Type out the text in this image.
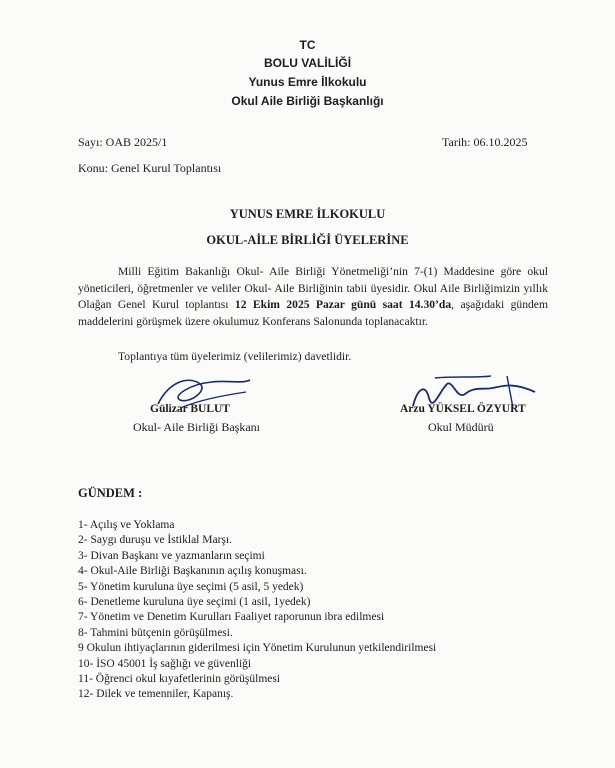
TC
BOLU VALİLİĞİ
Yunus Emre İlkokulu
Okul Aile Birliği Başkanlığı
Sayı: OAB 2025/1	Tarih: 06.10.2025
Konu: Genel Kurul Toplantısı
YUNUS EMRE İLKOKULU
OKUL-AİLE BİRLİĞİ ÜYELERİNE
Milli Eğitim Bakanlığı Okul- Aile Birliği Yönetmeliği’nin 7-(1) Maddesine göre okul yöneticileri, öğretmenler ve veliler Okul- Aile Birliğinin tabii üyesidir. Okul Aile Birliğimizin yıllık Olağan Genel Kurul toplantısı 12 Ekim 2025 Pazar günü saat 14.30’da, aşağıdaki gündem maddelerini görüşmek üzere okulumuz Konferans Salonunda toplanacaktır.
Toplantıya tüm üyelerimiz (velilerimiz) davetlidir.
Gülizar BULUT
Okul- Aile Birliği Başkanı
Arzu YÜKSEL ÖZYURT
Okul Müdürü
GÜNDEM :
1- Açılış ve Yoklama
2- Saygı duruşu ve İstiklal Marşı.
3- Divan Başkanı ve yazmanların seçimi
4- Okul-Aile Birliği Başkanının açılış konuşması.
5- Yönetim kuruluna üye seçimi (5 asil, 5 yedek)
6- Denetleme kuruluna üye seçimi (1 asil, 1yedek)
7- Yönetim ve Denetim Kurulları Faaliyet raporunun ibra edilmesi
8- Tahmini bütçenin görüşülmesi.
9 Okulun ihtiyaçlarının giderilmesi için Yönetim Kurulunun yetkilendirilmesi
10- İSO 45001 İş sağlığı ve güvenliği
11- Öğrenci okul kıyafetlerinin görüşülmesi
12- Dilek ve temenniler, Kapanış.
